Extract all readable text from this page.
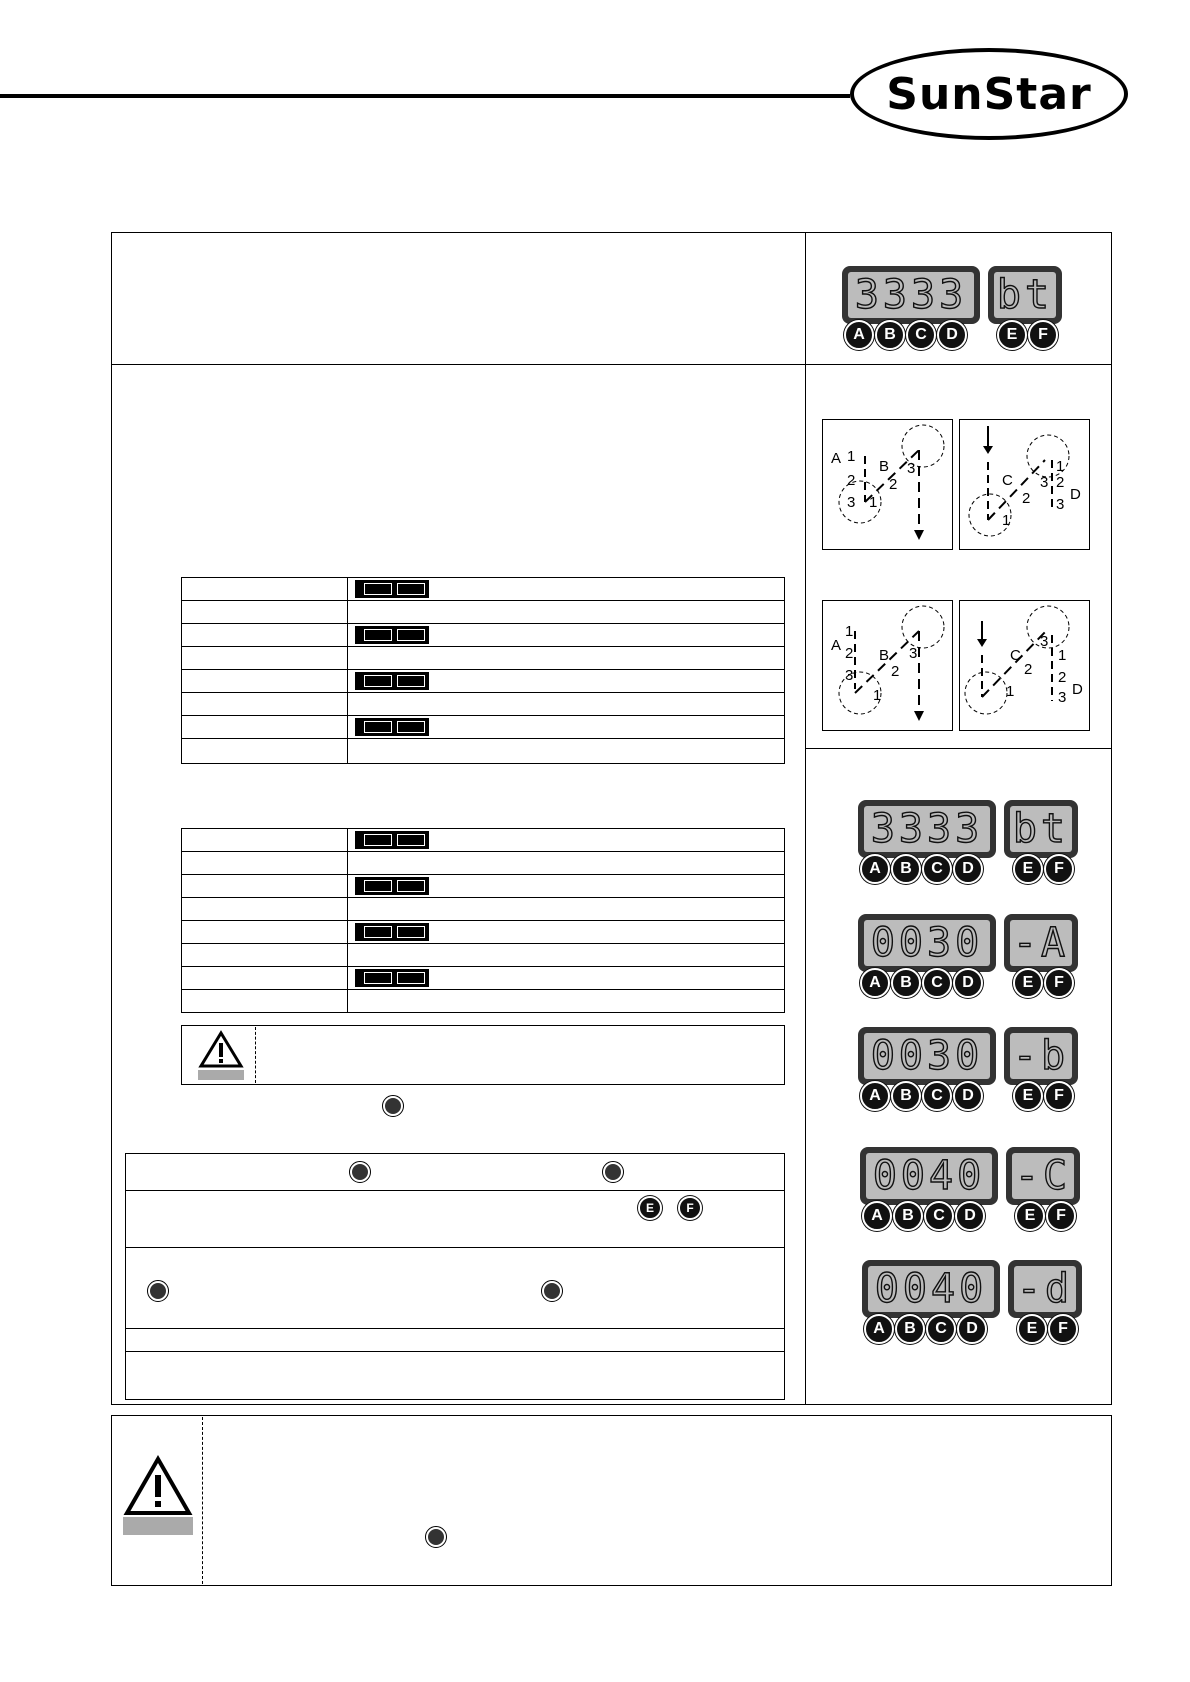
SunStar
3333 bt
A	B	C	D	E	F
A 1
2
3 1
B
2
3
C
2
1
3
1
2
3
D
A
1
2
3
1
B
2
3	C
2
1
3
1
2
3 D
3333 bt
A	B	C	D	E	F
0030 -A
A	B	C	D	E	F
0030 -b
A	B	C	D	E	F
0040 -C
A	B	C	D	E	F
0040 -d
A	B	C	D	E	F

E	F
